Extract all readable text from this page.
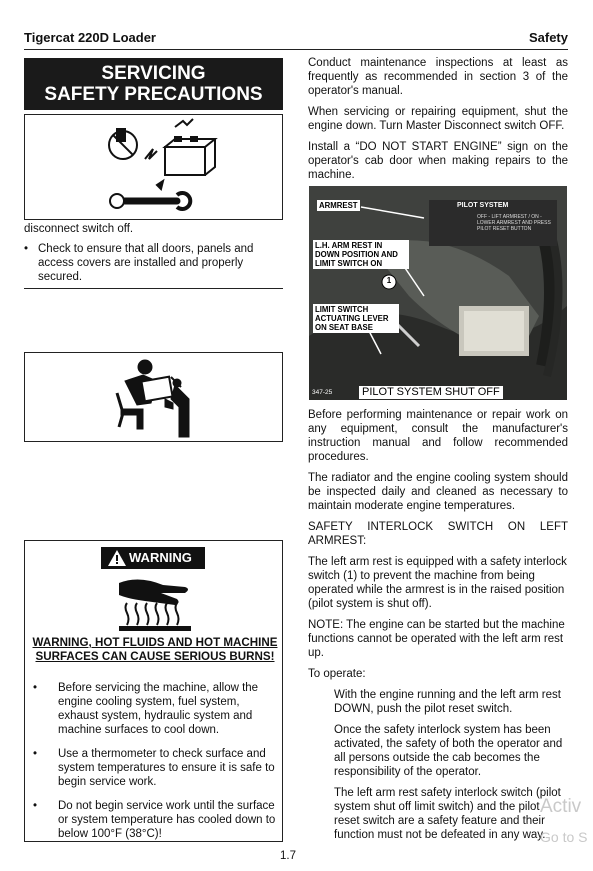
Tigercat 220D Loader	Safety
SERVICING
SAFETY PRECAUTIONS
disconnect switch off.
• Check to ensure that all doors, panels and access covers are installed and properly secured.
WARNING
WARNING, HOT FLUIDS AND HOT MACHINE SURFACES CAN CAUSE SERIOUS BURNS!
• Before servicing the machine, allow the engine cooling system, fuel system, exhaust system, hydraulic system and machine surfaces to cool down.
• Use a thermometer to check surface and system temperatures to ensure it is safe to begin service work.
• Do not begin service work until the surface or system temperature has cooled down to below 100°F (38°C)!

Conduct maintenance inspections at least as frequently as recommended in section 3 of the operator's manual.

When servicing or repairing equipment, shut the engine down. Turn Master Disconnect switch OFF.

Install a “DO NOT START ENGINE” sign on the operator's cab door when making repairs to the machine.

PILOT SYSTEM
OFF - LIFT ARMREST / ON - LOWER ARMREST AND PRESS PILOT RESET BUTTON
ARMREST
L.H. ARM REST IN DOWN POSITION AND LIMIT SWITCH ON
1
LIMIT SWITCH ACTUATING LEVER ON SEAT BASE
347-25	PILOT SYSTEM SHUT OFF

Before performing maintenance or repair work on any equipment, consult the manufacturer's instruction manual and follow recommended procedures.

The radiator and the engine cooling system should be inspected daily and cleaned as necessary to maintain moderate engine temperatures.

SAFETY INTERLOCK SWITCH ON LEFT ARMREST:

The left arm rest is equipped with a safety interlock switch (1) to prevent the machine from being operated while the armrest is in the raised position (pilot system is shut off).

NOTE: The engine can be started but the machine functions cannot be operated with the left arm rest up.

To operate:

With the engine running and the left arm rest DOWN, push the pilot reset switch.

Once the safety interlock system has been activated, the safety of both the operator and all persons outside the cab becomes the responsibility of the operator.

The left arm rest safety interlock switch (pilot system shut off limit switch) and the pilot reset switch are a safety feature and their function must not be defeated in any way.

1.7
Activ
Go to S
